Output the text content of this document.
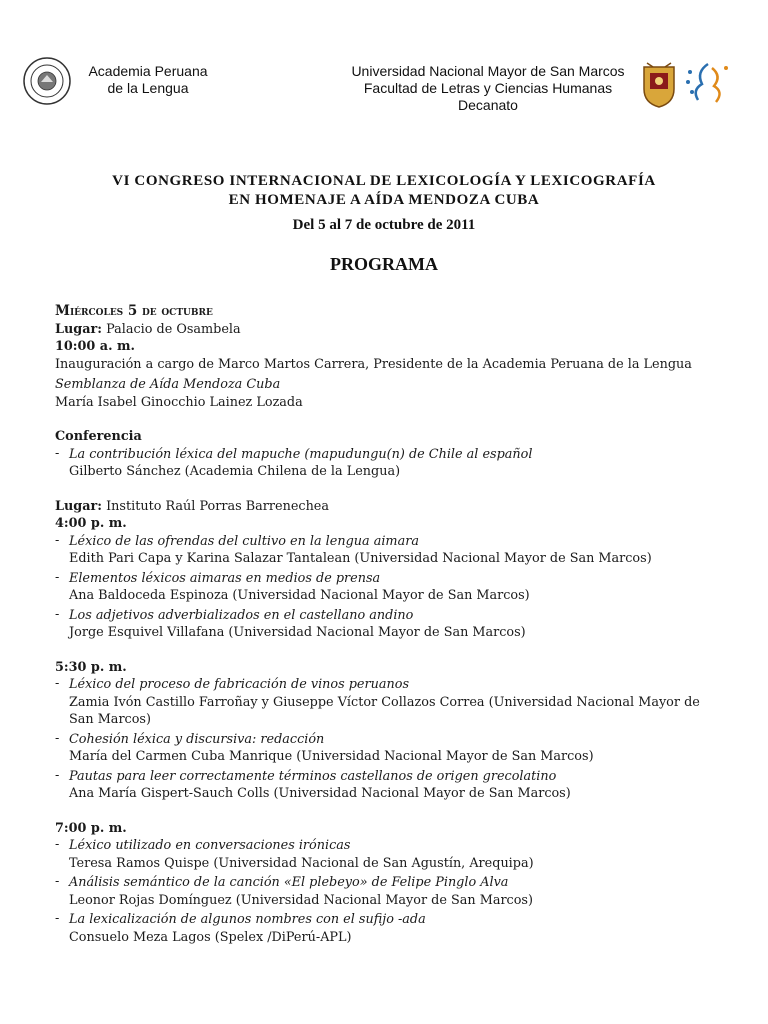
Academia Peruana
de la Lengua
Universidad Nacional Mayor de San Marcos
Facultad de Letras y Ciencias Humanas
Decanato
VI CONGRESO INTERNACIONAL DE LEXICOLOGÍA Y LEXICOGRAFÍA
EN HOMENAJE A AÍDA MENDOZA CUBA
Del 5 al 7 de octubre de 2011
PROGRAMA
Miércoles 5 de octubre
Lugar: Palacio de Osambela
10:00 a. m.
Inauguración a cargo de Marco Martos Carrera, Presidente de la Academia Peruana de la Lengua
Semblanza de Aída Mendoza Cuba
María Isabel Ginocchio Lainez Lozada
Conferencia
- La contribución léxica del mapuche (mapudungu(n) de Chile al español
Gilberto Sánchez (Academia Chilena de la Lengua)
Lugar: Instituto Raúl Porras Barrenechea
4:00 p. m.
- Léxico de las ofrendas del cultivo en la lengua aimara
Edith Pari Capa y Karina Salazar Tantalean (Universidad Nacional Mayor de San Marcos)
- Elementos léxicos aimaras en medios de prensa
Ana Baldoceda Espinoza (Universidad Nacional Mayor de San Marcos)
- Los adjetivos adverbializados en el castellano andino
Jorge Esquivel Villafana (Universidad Nacional Mayor de San Marcos)
5:30 p. m.
- Léxico del proceso de fabricación de vinos peruanos
Zamia Ivón Castillo Farroñay y Giuseppe Víctor Collazos Correa (Universidad Nacional Mayor de San Marcos)
- Cohesión léxica y discursiva: redacción
María del Carmen Cuba Manrique (Universidad Nacional Mayor de San Marcos)
- Pautas para leer correctamente términos castellanos de origen grecolatino
Ana María Gispert-Sauch Colls (Universidad Nacional Mayor de San Marcos)
7:00 p. m.
- Léxico utilizado en conversaciones irónicas
Teresa Ramos Quispe (Universidad Nacional de San Agustín, Arequipa)
- Análisis semántico de la canción «El plebeyo» de Felipe Pinglo Alva
Leonor Rojas Domínguez (Universidad Nacional Mayor de San Marcos)
- La lexicalización de algunos nombres con el sufijo -ada
Consuelo Meza Lagos (Spelex /DiPerú-APL)
